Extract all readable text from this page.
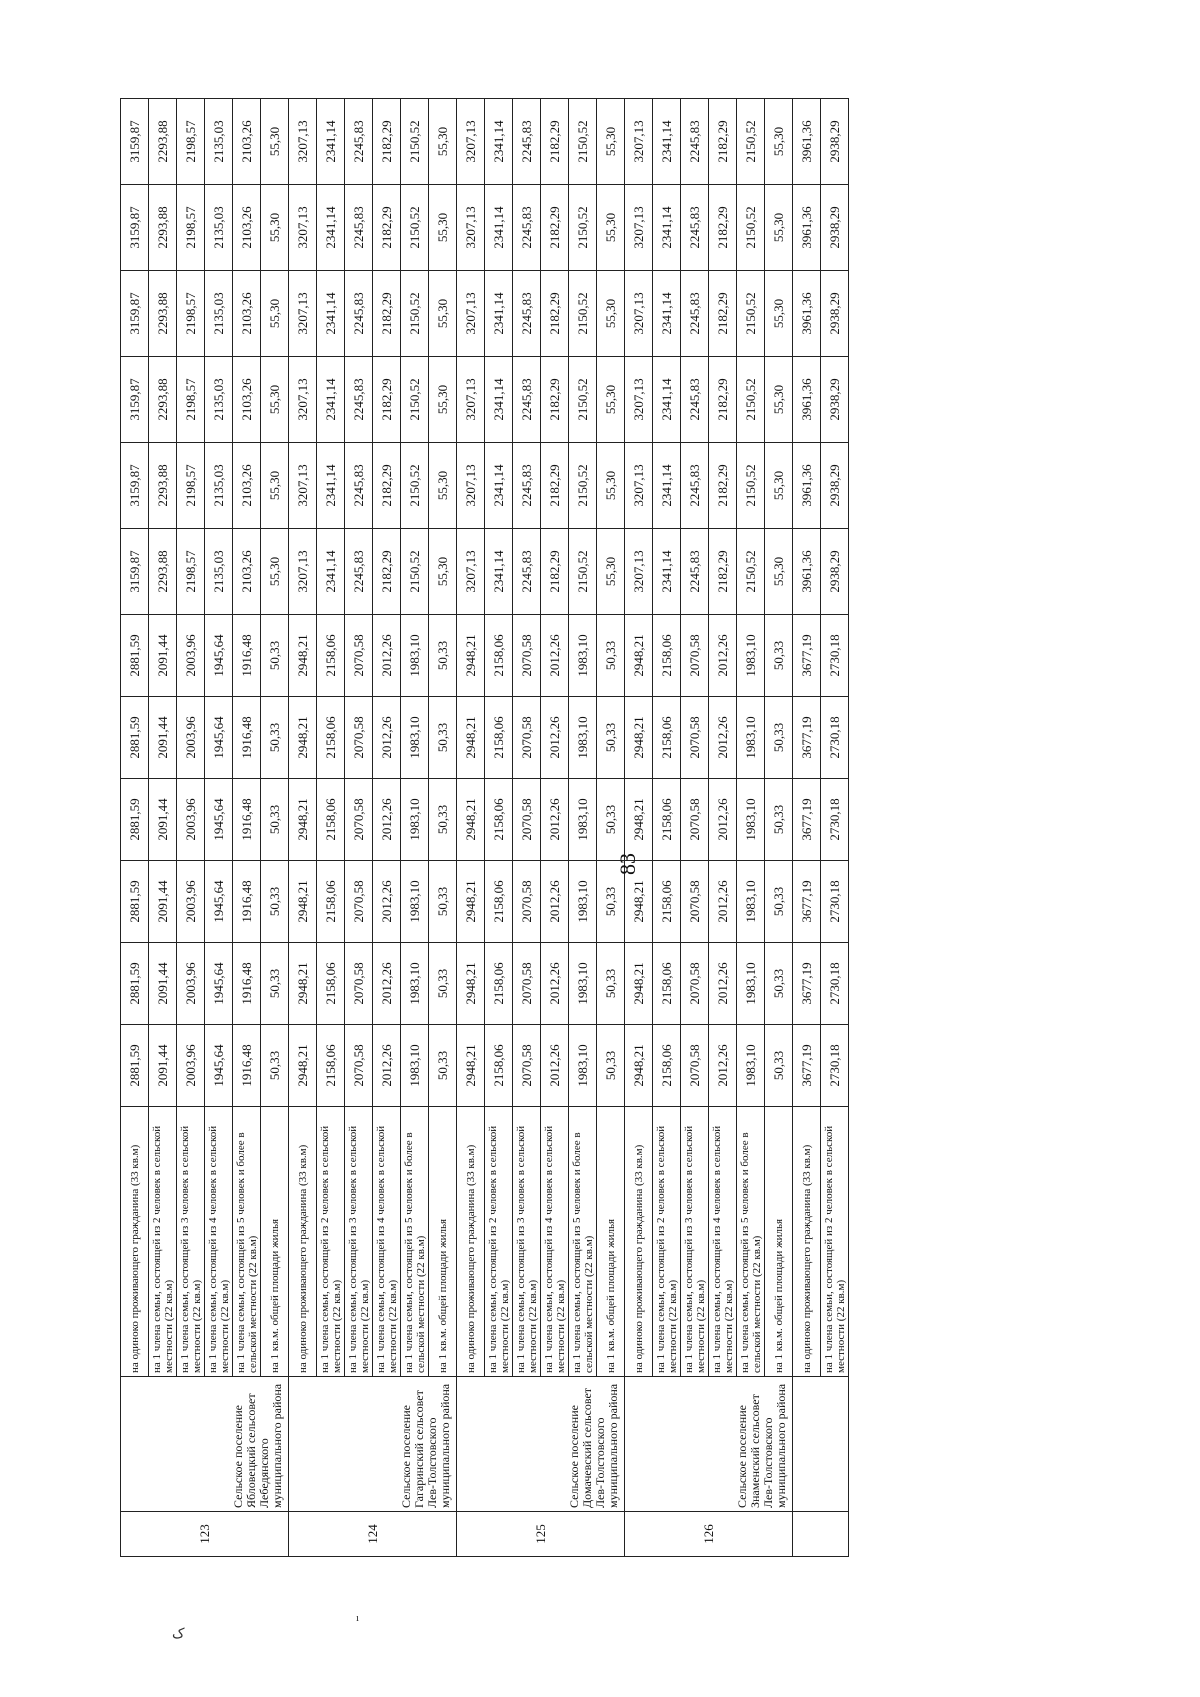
123	Сельское поселение Ябловецкий сельсовет Лебедянского муниципального района	на одиноко проживающего гражданина (33 кв.м)	2881,59	2881,59	2881,59	2881,59	2881,59	2881,59	3159,87	3159,87	3159,87	3159,87	3159,87	3159,87
		на 1 члена семьи, состоящей из 2 человек в сельской местности (22 кв.м)	2091,44	2091,44	2091,44	2091,44	2091,44	2091,44	2293,88	2293,88	2293,88	2293,88	2293,88	2293,88
		на 1 члена семьи, состоящей из 3 человек в сельской местности (22 кв.м)	2003,96	2003,96	2003,96	2003,96	2003,96	2003,96	2198,57	2198,57	2198,57	2198,57	2198,57	2198,57
		на 1 члена семьи, состоящей из 4 человек в сельской местности (22 кв.м)	1945,64	1945,64	1945,64	1945,64	1945,64	1945,64	2135,03	2135,03	2135,03	2135,03	2135,03	2135,03
		на 1 члена семьи, состоящей из 5 человек и более в сельской местности (22 кв.м)	1916,48	1916,48	1916,48	1916,48	1916,48	1916,48	2103,26	2103,26	2103,26	2103,26	2103,26	2103,26
		на 1 кв.м. общей площади жилья	50,33	50,33	50,33	50,33	50,33	50,33	55,30	55,30	55,30	55,30	55,30	55,30
124	Сельское поселение Гагаринский сельсовет Лев-Толстовского муниципального района	на одиноко проживающего гражданина (33 кв.м)	2948,21	2948,21	2948,21	2948,21	2948,21	2948,21	3207,13	3207,13	3207,13	3207,13	3207,13	3207,13
		на 1 члена семьи, состоящей из 2 человек в сельской местности (22 кв.м)	2158,06	2158,06	2158,06	2158,06	2158,06	2158,06	2341,14	2341,14	2341,14	2341,14	2341,14	2341,14
		на 1 члена семьи, состоящей из 3 человек в сельской местности (22 кв.м)	2070,58	2070,58	2070,58	2070,58	2070,58	2070,58	2245,83	2245,83	2245,83	2245,83	2245,83	2245,83
		на 1 члена семьи, состоящей из 4 человек в сельской местности (22 кв.м)	2012,26	2012,26	2012,26	2012,26	2012,26	2012,26	2182,29	2182,29	2182,29	2182,29	2182,29	2182,29
		на 1 члена семьи, состоящей из 5 человек и более в сельской местности (22 кв.м)	1983,10	1983,10	1983,10	1983,10	1983,10	1983,10	2150,52	2150,52	2150,52	2150,52	2150,52	2150,52
		на 1 кв.м. общей площади жилья	50,33	50,33	50,33	50,33	50,33	50,33	55,30	55,30	55,30	55,30	55,30	55,30
125	Сельское поселение Домачевский сельсовет Лев-Толстовского муниципального района	на одиноко проживающего гражданина (33 кв.м)	2948,21	2948,21	2948,21	2948,21	2948,21	2948,21	3207,13	3207,13	3207,13	3207,13	3207,13	3207,13
		на 1 члена семьи, состоящей из 2 человек в сельской местности (22 кв.м)	2158,06	2158,06	2158,06	2158,06	2158,06	2158,06	2341,14	2341,14	2341,14	2341,14	2341,14	2341,14
		на 1 члена семьи, состоящей из 3 человек в сельской местности (22 кв.м)	2070,58	2070,58	2070,58	2070,58	2070,58	2070,58	2245,83	2245,83	2245,83	2245,83	2245,83	2245,83
		на 1 члена семьи, состоящей из 4 человек в сельской местности (22 кв.м)	2012,26	2012,26	2012,26	2012,26	2012,26	2012,26	2182,29	2182,29	2182,29	2182,29	2182,29	2182,29
		на 1 члена семьи, состоящей из 5 человек и более в сельской местности (22 кв.м)	1983,10	1983,10	1983,10	1983,10	1983,10	1983,10	2150,52	2150,52	2150,52	2150,52	2150,52	2150,52
		на 1 кв.м. общей площади жилья	50,33	50,33	50,33	50,33	50,33	50,33	55,30	55,30	55,30	55,30	55,30	55,30
126	Сельское поселение Знаменский сельсовет Лев-Толстовского муниципального района	на одиноко проживающего гражданина (33 кв.м)	2948,21	2948,21	2948,21	2948,21	2948,21	2948,21	3207,13	3207,13	3207,13	3207,13	3207,13	3207,13
		на 1 члена семьи, состоящей из 2 человек в сельской местности (22 кв.м)	2158,06	2158,06	2158,06	2158,06	2158,06	2158,06	2341,14	2341,14	2341,14	2341,14	2341,14	2341,14
		на 1 члена семьи, состоящей из 3 человек в сельской местности (22 кв.м)	2070,58	2070,58	2070,58	2070,58	2070,58	2070,58	2245,83	2245,83	2245,83	2245,83	2245,83	2245,83
		на 1 члена семьи, состоящей из 4 человек в сельской местности (22 кв.м)	2012,26	2012,26	2012,26	2012,26	2012,26	2012,26	2182,29	2182,29	2182,29	2182,29	2182,29	2182,29
		на 1 члена семьи, состоящей из 5 человек и более в сельской местности (22 кв.м)	1983,10	1983,10	1983,10	1983,10	1983,10	1983,10	2150,52	2150,52	2150,52	2150,52	2150,52	2150,52
		на 1 кв.м. общей площади жилья	50,33	50,33	50,33	50,33	50,33	50,33	55,30	55,30	55,30	55,30	55,30	55,30
		на одиноко проживающего гражданина (33 кв.м)	3677,19	3677,19	3677,19	3677,19	3677,19	3677,19	3961,36	3961,36	3961,36	3961,36	3961,36	3961,36
		на 1 члена семьи, состоящей из 2 человек в сельской местности (22 кв.м)	2730,18	2730,18	2730,18	2730,18	2730,18	2730,18	2938,29	2938,29	2938,29	2938,29	2938,29	2938,29
83
ک
ı
